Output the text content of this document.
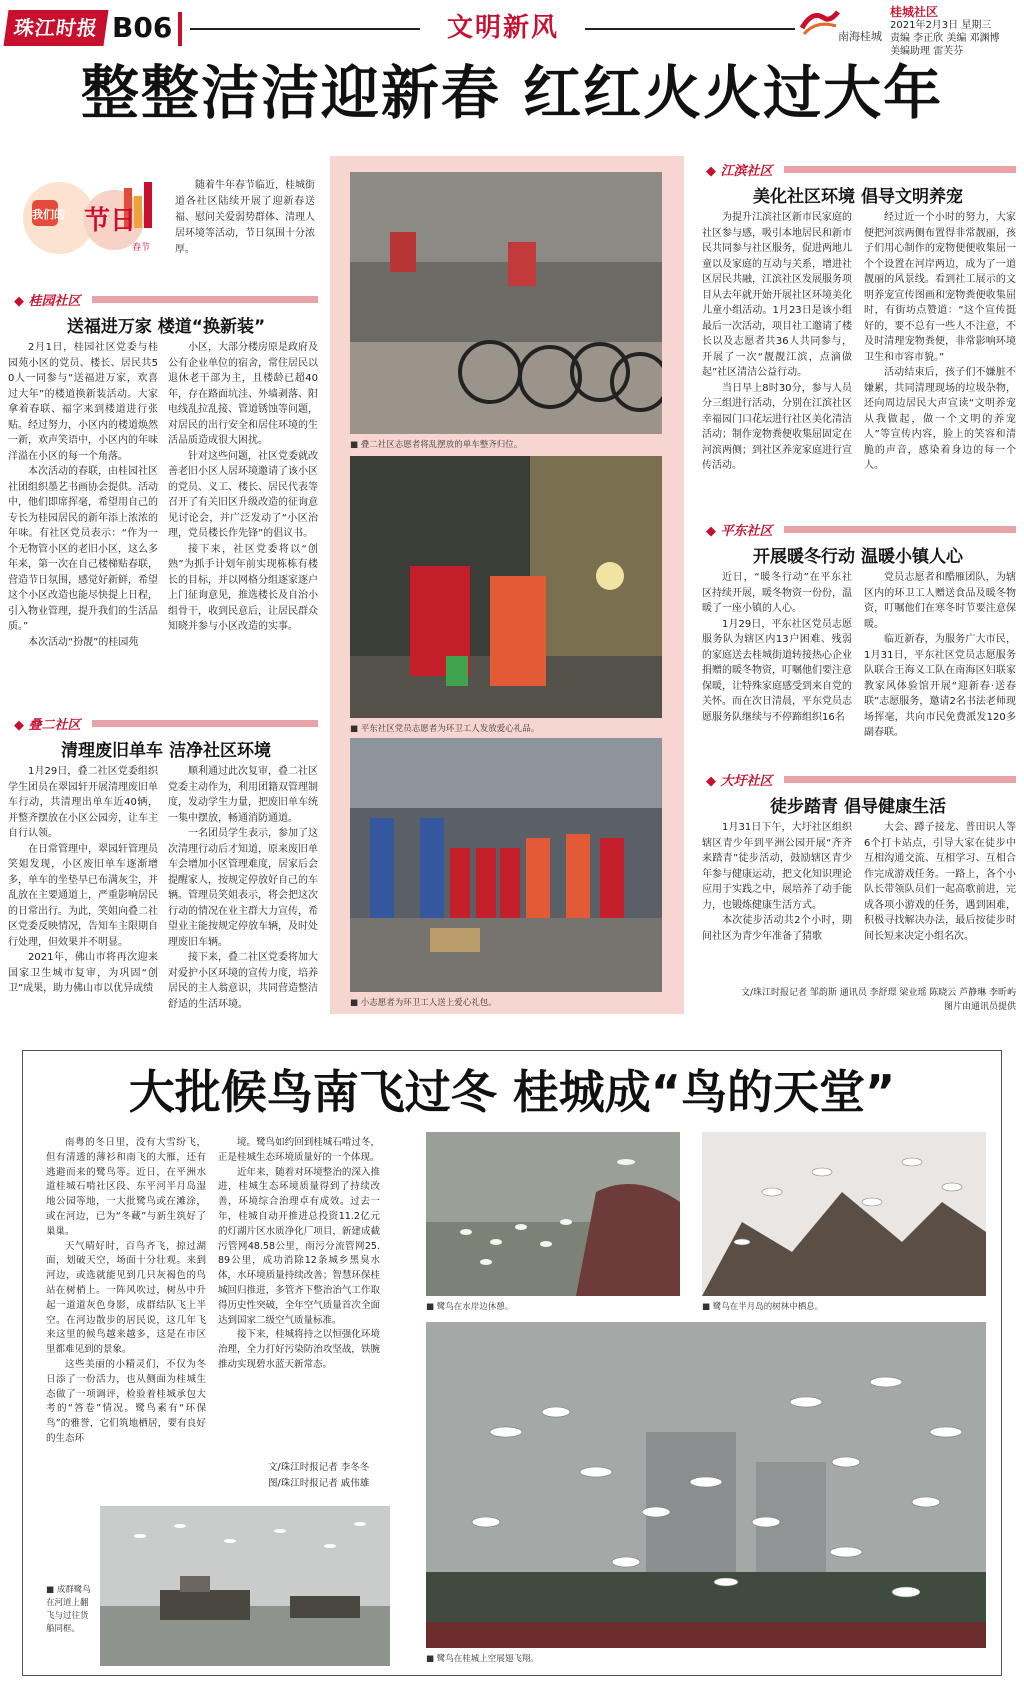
珠江时报 B06	文明新风	南海桂城
桂城社区
2021年2月3日 星期三
责编 李正欣 美编 邓渊博
美编助理 雷芙芬
整整洁洁迎新春 红红火火过大年
我们的 节日
春节

随着牛年春节临近，桂城街道各社区陆续开展了迎新春送福、慰问关爱弱势群体、清理人居环境等活动，节日氛围十分浓厚。

◆ 桂园社区
送福进万家 楼道“换新装”

2月1日，桂园社区党委与桂园苑小区的党员、楼长、居民共50人一同参与“送福进万家，欢喜过大年”的楼道换新装活动。大家拿着春联、福字来到楼道进行张贴。经过努力，小区内的楼道焕然一新，欢声笑语中，小区内的年味洋溢在小区的每一个角落。

本次活动的春联，由桂园社区社团组织墨艺书画协会提供。活动中，他们即席挥毫，希望用自己的专长为桂园居民的新年添上浓浓的年味。有社区党员表示：“作为一个无物管小区的老旧小区，这么多年来，第一次在自己楼梯贴春联，营造节日氛围，感觉好新鲜，希望这个小区改造也能尽快提上日程，引入物业管理，提升我们的生活品质。”

本次活动“扮靓”的桂园苑

小区，大部分楼房原是政府及公有企业单位的宿舍，常住居民以退休老干部为主，且楼龄已超40年，存在路面坑洼、外墙剥落、阳电线乱拉乱接、管道锈蚀等问题，对居民的出行安全和居住环境的生活品质造成很大困扰。

针对这些问题，社区党委就改善老旧小区人居环境邀请了该小区的党员、义工、楼长、居民代表等召开了有关旧区升级改造的征询意见讨论会，并广泛发动了“小区治理，党员楼长作先锋”的倡议书。

接下来，社区党委将以“创熟”为抓手计划年前实现栋栋有楼长的目标，并以网格分组逐家逐户上门征询意见，推选楼长及自治小组骨干，收到民意后，让居民群众知晓并参与小区改造的实事。

◆ 叠二社区
清理废旧单车 洁净社区环境

1月29日，叠二社区党委组织学生团员在翠园轩开展清理废旧单车行动，共清理出单车近40辆，并整齐摆放在小区公园旁，让车主自行认领。

在日常管理中，翠园轩管理员笑姐发现，小区废旧单车逐渐增多，单车的坐垫早已布满灰尘，并乱放在主要通道上，严重影响居民的日常出行。为此，笑姐向叠二社区党委反映情况，告知车主限期自行处理，但效果并不明显。

2021年，佛山市将再次迎来国家卫生城市复审，为巩固“创卫”成果，助力佛山市以优异成绩

顺利通过此次复审，叠二社区党委主动作为，利用团籍双管理制度，发动学生力量，把废旧单车统一集中摆放，畅通消防通道。

一名团员学生表示，参加了这次清理行动后才知道，原来废旧单车会增加小区管理难度，居家后会提醒家人，按规定停放好自己的车辆。管理员笑姐表示，将会把这次行动的情况在业主群大力宣传，希望业主能按规定停放车辆，及时处理废旧车辆。

接下来，叠二社区党委将加大对爱护小区环境的宣传力度，培养居民的主人翁意识，共同营造整洁舒适的生活环境。

■ 叠二社区志愿者将乱摆放的单车整齐归位。
■ 平东社区党员志愿者为环卫工人发放爱心礼品。
■ 小志愿者为环卫工人送上爱心礼包。
◆ 江滨社区
美化社区环境 倡导文明养宠

为提升江滨社区新市民家庭的社区参与感，吸引本地居民和新市民共同参与社区服务，促进两地儿童以及家庭的互动与关系，增进社区居民共融，江滨社区发展服务项目从去年就开始开展社区环境美化儿童小组活动。1月23日是该小组最后一次活动，项目社工邀请了楼长以及志愿者共36人共同参与，开展了一次“靓靓江滨，点滴做起”社区清洁公益行动。

当日早上8时30分，参与人员分三组进行活动，分别在江滨社区幸福园门口花坛进行社区美化清洁活动；制作宠物粪便收集屈固定在河滨两侧；到社区养宠家庭进行宣传活动。

经过近一个小时的努力，大家便把河滨两侧布置得非常靓丽，孩子们用心制作的宠物便便收集屈一个个设置在河岸两边，成为了一道靓丽的风景线。看到社工展示的文明养宠宣传图画和宠物粪便收集屈时，有街坊点赞道：“这个宣传挺好的，要不总有一些人不注意，不及时清理宠物粪便，非常影响环境卫生和市容市貌。”

活动结束后，孩子们不嫌脏不嫌累，共同清理现场的垃圾杂物，还向周边居民大声宣读“文明养宠从我做起，做一个文明的养宠人”等宣传内容，脸上的笑容和清脆的声音，感染着身边的每一个人。

◆ 平东社区
开展暖冬行动 温暖小镇人心

近日，“暖冬行动”在平东社区持续开展，暖冬物资一份份，温暖了一座小镇的人心。

1月29日，平东社区党员志愿服务队为辖区内13户困难、残弱的家庭送去桂城街道转接热心企业捐赠的暖冬物资，叮嘱他们要注意保暖，让特殊家庭感受到来自党的关怀。而在次日清晨，平东党员志愿服务队继续与不停蹄组织16名

党员志愿者和酷雁团队，为辖区内的环卫工人赠送食品及暖冬物资，叮嘱他们在寒冬时节要注意保暖。

临近新春，为服务广大市民，1月31日，平东社区党员志愿服务队联合王海义工队在南海区妇联家教家风体验馆开展“迎新春·送春联”志愿服务，邀请2名书法老师现场挥毫，共向市民免费派发120多副春联。

◆ 大圩社区
徒步踏青 倡导健康生活

1月31日下午，大圩社区组织辖区青少年到平洲公园开展“齐齐来踏青”徒步活动，鼓励辖区青少年参与健康运动，把文化知识理论应用于实践之中，展培养了动手能力，也锻炼健康生活方式。

本次徒步活动共2个小时，期间社区为青少年准备了猜歌

大会、蹲子接龙、普田识人等6个打卡站点，引导大家在徒步中互相沟通交流、互相学习、互相合作完成游戏任务。一路上，各个小队长带领队员们一起高歌前进，完成各项小游戏的任务，遇到困难，积极寻找解决办法，最后按徒步时间长短来决定小组名次。

文/珠江时报记者 邹韵斯 通讯员 李舒璟 梁业瑶 陈晓云 芦静琳 李昕屿
图片由通讯员提供
大批候鸟南飞过冬 桂城成“鸟的天堂”

南粤的冬日里，没有大雪纷飞，但有清透的薄衫和南飞的大雁，还有逃避而来的鹭鸟等。近日，在平洲水道桂城石啃社区段、东平河半月岛湿地公园等地，一大批鹭鸟或在滩涂，或在河边，已为“冬藏”与新生筑好了巢巢。

天气晴好时，百鸟齐飞，掠过湖面，划破天空，场面十分壮观。来到河边，或选就能见到几只灰褐色的鸟站在树梢上。一阵风吹过，树丛中升起一道道灰色身影，成群结队飞上半空。在河边散步的居民说，这几年飞来这里的候鸟越来越多，这是在市区里都难见到的景象。

这些美丽的小精灵们，不仅为冬日添了一份活力，也从侧面为桂城生态做了一项调评，检验着桂城承包大考的“答卷”情况。鹭鸟素有“环保鸟”的雅誉，它们筑地栖居，要有良好的生态环

境。鹭鸟如约回到桂城石啃过冬，正是桂城生态环境质量好的一个体现。

近年来，随着对环境整治的深入推进，桂城生态环境质量得到了持续改善，环境综合治理卓有成效。过去一年，桂城自动开推进总投资11.2亿元的灯湖片区水质净化厂项目，新建成截污管网48.58公里，雨污分流管网25.89公里，成功消除12条城乡黑臭水体，水环境质量持续改善；智慧环保桂城回归推进，多管齐下整治治气工作取得历史性突破，全年空气质量首次全面达到国家二级空气质量标准。

接下来，桂城将持之以恒强化环境治理，全力打好污染防治攻坚战，铁腕推动实现碧水蓝天新常态。

文/珠江时报记者 李冬冬
图/珠江时报记者 戚伟雄
■ 鹭鸟在水岸边休憩。	■ 鹭鸟在半月岛的树林中栖息。
■ 成群鹭鸟在河道上翻飞与过往货船同框。
■ 鹭鸟在桂城上空展翅飞翔。
